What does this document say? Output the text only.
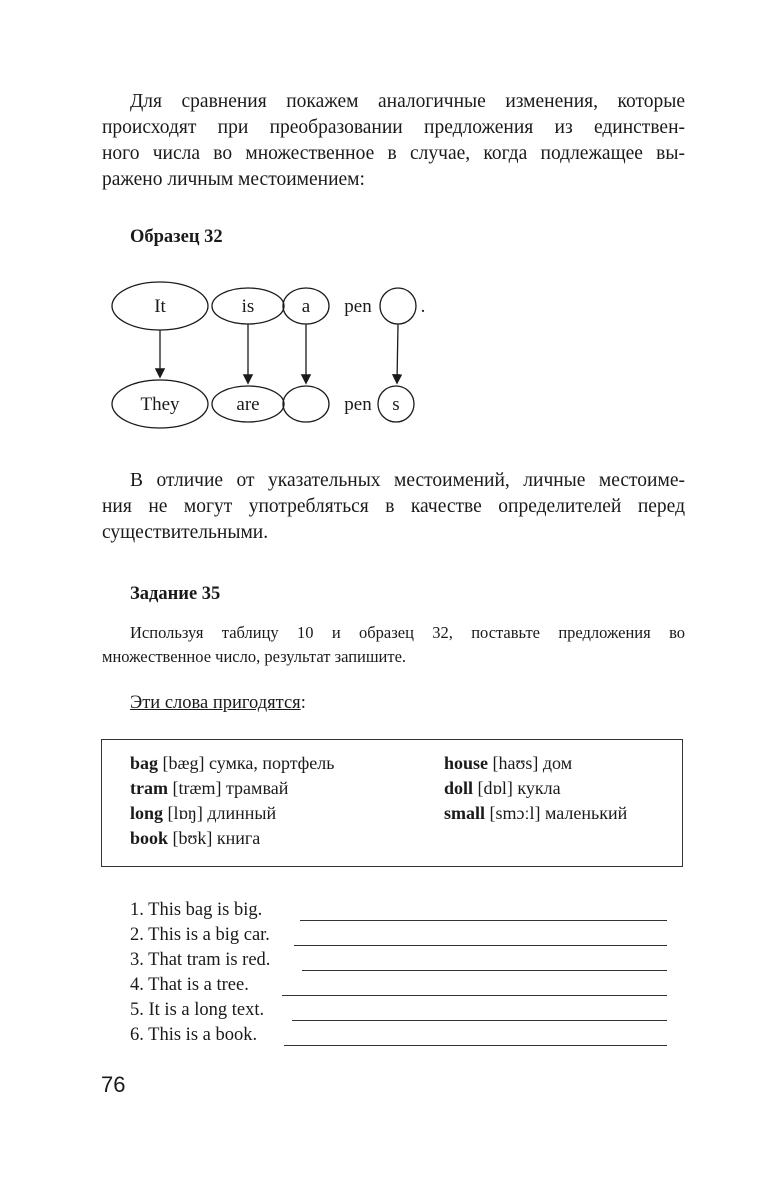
Для сравнения покажем аналогичные изменения, которые
происходят при преобразовании предложения из единствен-
ного числа во множественное в случае, когда подлежащее вы-
ражено личным местоимением:
Образец 32
It	is a pen	.
They	are	pen s
В отличие от указательных местоимений, личные местоиме-
ния не могут употребляться в качестве определителей перед
существительными.
Задание 35
Используя таблицу 10 и образец 32, поставьте предложения во
множественное число, результат запишите.
Эти слова пригодятся:
bag [bæg] сумка, портфель
tram [træm] трамвай
long [lɒŋ] длинный
book [bʊk] книга
house [haʊs] дом
doll [dɒl] кукла
small [smɔːl] маленький
1. This bag is big.
2. This is a big car.
3. That tram is red.
4. That is a tree.
5. It is a long text.
6. This is a book.
76
